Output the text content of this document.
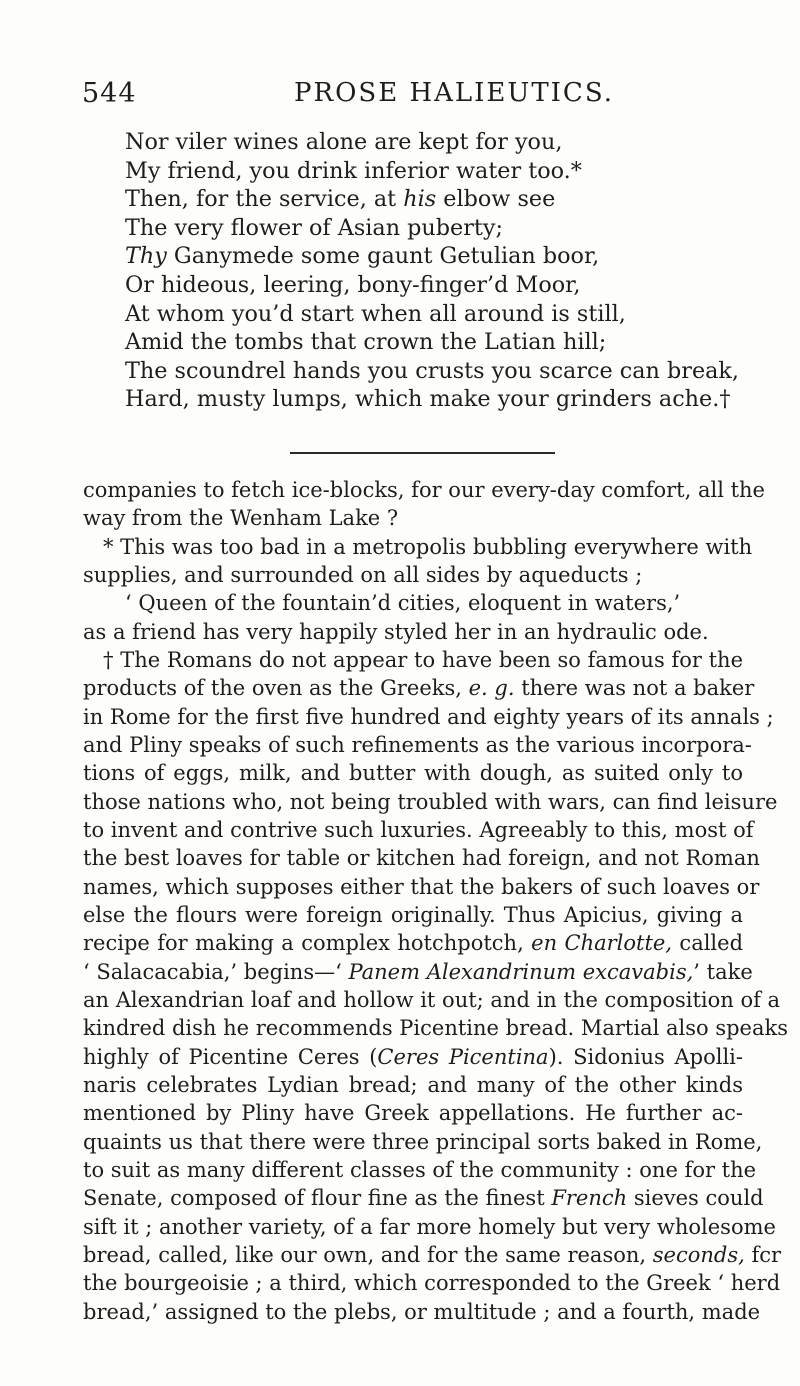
544	PROSE HALIEUTICS.
Nor viler wines alone are kept for you,
My friend, you drink inferior water too.*
Then, for the service, at his elbow see
The very flower of Asian puberty;
Thy Ganymede some gaunt Getulian boor,
Or hideous, leering, bony-finger’d Moor,
At whom you’d start when all around is still,
Amid the tombs that crown the Latian hill;
The scoundrel hands you crusts you scarce can break,
Hard, musty lumps, which make your grinders ache.†
companies to fetch ice-blocks, for our every-day comfort, all the
way from the Wenham Lake ?
* This was too bad in a metropolis bubbling everywhere with
supplies, and surrounded on all sides by aqueducts ;
‘ Queen of the fountain’d cities, eloquent in waters,’
as a friend has very happily styled her in an hydraulic ode.
† The Romans do not appear to have been so famous for the
products of the oven as the Greeks, e. g. there was not a baker
in Rome for the first five hundred and eighty years of its annals ;
and Pliny speaks of such refinements as the various incorpora-
tions of eggs, milk, and butter with dough, as suited only to
those nations who, not being troubled with wars, can find leisure
to invent and contrive such luxuries. Agreeably to this, most of
the best loaves for table or kitchen had foreign, and not Roman
names, which supposes either that the bakers of such loaves or
else the flours were foreign originally. Thus Apicius, giving a
recipe for making a complex hotchpotch, en Charlotte, called
‘ Salacacabia,’ begins—‘ Panem Alexandrinum excavabis,’ take
an Alexandrian loaf and hollow it out; and in the composition of a
kindred dish he recommends Picentine bread. Martial also speaks
highly of Picentine Ceres (Ceres Picentina). Sidonius Apolli-
naris celebrates Lydian bread; and many of the other kinds
mentioned by Pliny have Greek appellations. He further ac-
quaints us that there were three principal sorts baked in Rome,
to suit as many different classes of the community : one for the
Senate, composed of flour fine as the finest French sieves could
sift it ; another variety, of a far more homely but very wholesome
bread, called, like our own, and for the same reason, seconds, fcr
the bourgeoisie ; a third, which corresponded to the Greek ‘ herd
bread,’ assigned to the plebs, or multitude ; and a fourth, made
